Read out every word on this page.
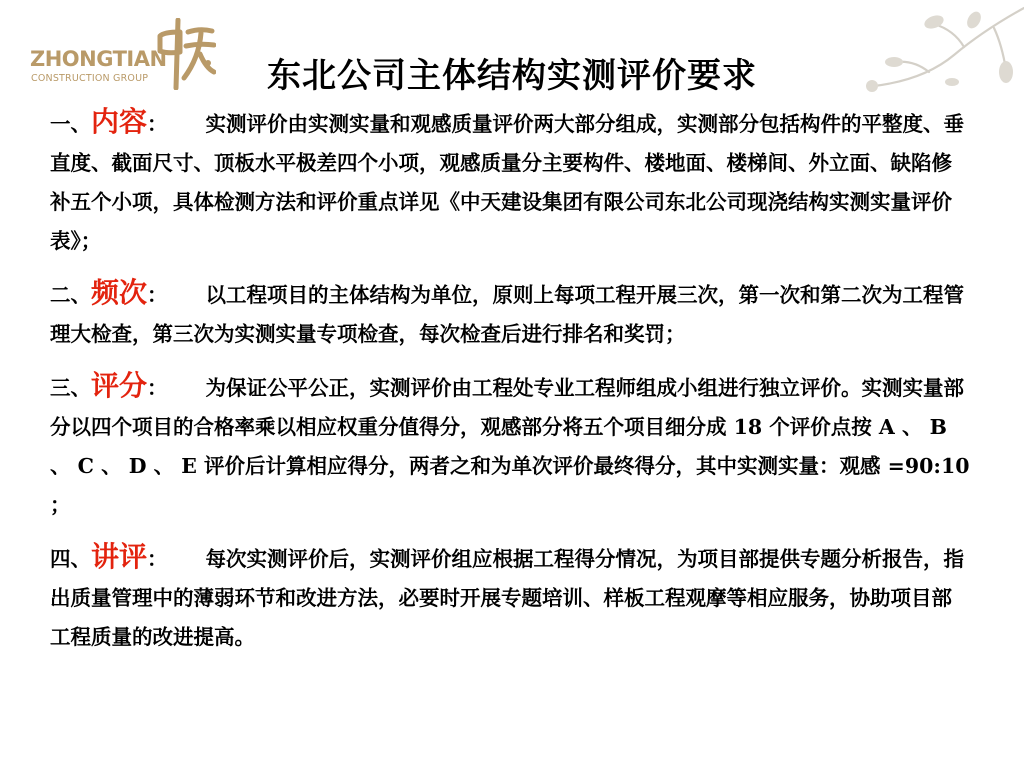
ZHONGTIAN
CONSTRUCTION GROUP	东北公司主体结构实测评价要求

一、内容： 实测评价由实测实量和观感质量评价两大部分组成，实测部分包括构件的平整度、垂直度、截面尺寸、顶板水平极差四个小项，观感质量分主要构件、楼地面、楼梯间、外立面、缺陷修补五个小项，具体检测方法和评价重点详见《中天建设集团有限公司东北公司现浇结构实测实量评价表》；

二、频次： 以工程项目的主体结构为单位，原则上每项工程开展三次，第一次和第二次为工程管理大检查，第三次为实测实量专项检查，每次检查后进行排名和奖罚；

三、评分： 为保证公平公正，实测评价由工程处专业工程师组成小组进行独立评价。实测实量部分以四个项目的合格率乘以相应权重分值得分，观感部分将五个项目细分成 18 个评价点按 A 、 B 、 C 、 D 、 E 评价后计算相应得分，两者之和为单次评价最终得分，其中实测实量：观感 =90:10 ；

四、讲评： 每次实测评价后，实测评价组应根据工程得分情况，为项目部提供专题分析报告，指出质量管理中的薄弱环节和改进方法，必要时开展专题培训、样板工程观摩等相应服务，协助项目部工程质量的改进提高。
